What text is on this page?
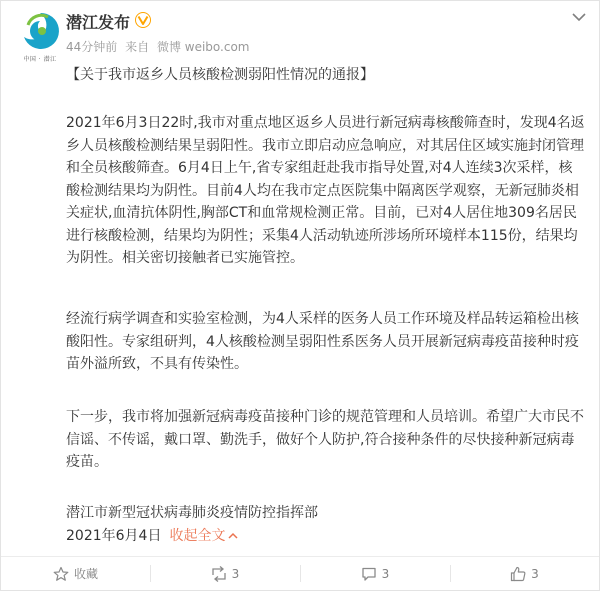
中国 · 潜江
潜江发布
44分钟前 来自 微博 weibo.com
【关于我市返乡人员核酸检测弱阳性情况的通报】

2021年6月3日22时,我市对重点地区返乡人员进行新冠病毒核酸筛查时，发现4名返乡人员核酸检测结果呈弱阳性。我市立即启动应急响应，对其居住区域实施封闭管理和全员核酸筛查。6月4日上午,省专家组赶赴我市指导处置,对4人连续3次采样，核酸检测结果均为阴性。目前4人均在我市定点医院集中隔离医学观察，无新冠肺炎相关症状,血清抗体阴性,胸部CT和血常规检测正常。目前，已对4人居住地309名居民进行核酸检测，结果均为阴性；采集4人活动轨迹所涉场所环境样本115份，结果均为阴性。相关密切接触者已实施管控。

经流行病学调查和实验室检测，为4人采样的医务人员工作环境及样品转运箱检出核酸阳性。专家组研判，4人核酸检测呈弱阳性系医务人员开展新冠病毒疫苗接种时疫苗外溢所致，不具有传染性。

下一步，我市将加强新冠病毒疫苗接种门诊的规范管理和人员培训。希望广大市民不信谣、不传谣，戴口罩、勤洗手，做好个人防护,符合接种条件的尽快接种新冠病毒疫苗。

潜江市新型冠状病毒肺炎疫情防控指挥部

2021年6月4日 收起全文
收藏	3	3	3
